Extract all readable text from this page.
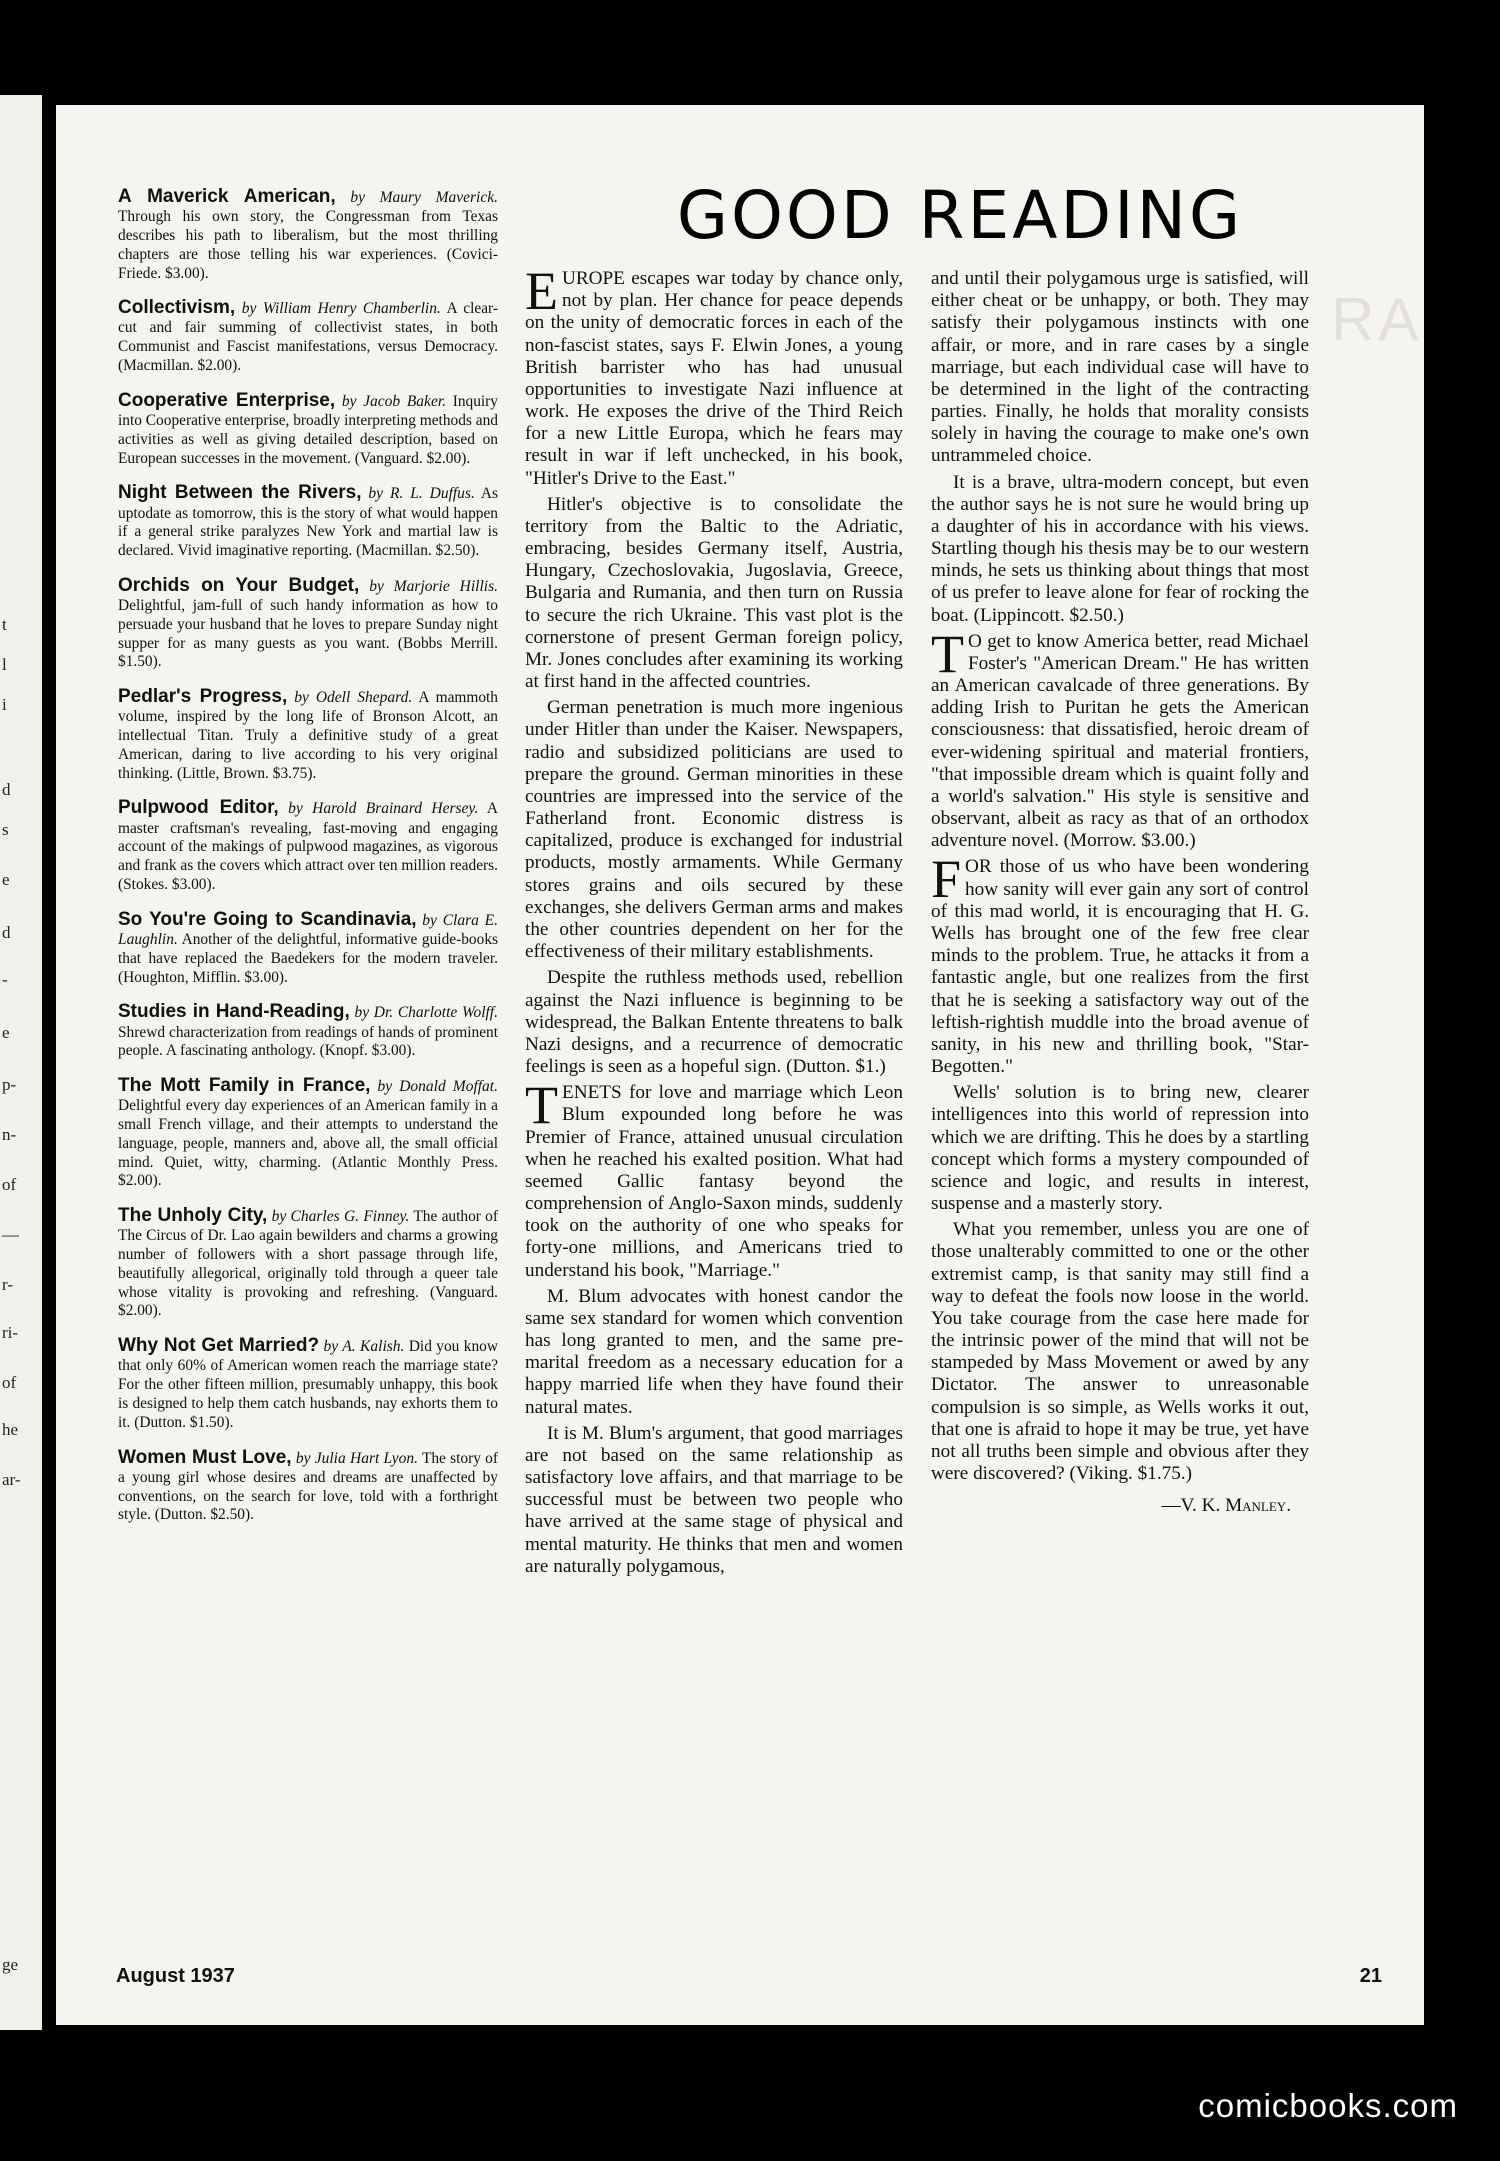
t
l
i
d
s
e
d
-
e
p-
n-
of
—
r-
ri-
of
he
ar-
ge
RA
A Maverick American, by Maury Maverick. Through his own story, the Congressman from Texas describes his path to liberalism, but the most thrilling chapters are those telling his war experiences. (Covici-Friede. $3.00).
Collectivism, by William Henry Chamberlin. A clear-cut and fair summing of collectivist states, in both Communist and Fascist manifestations, versus Democracy. (Macmillan. $2.00).
Cooperative Enterprise, by Jacob Baker. Inquiry into Cooperative enterprise, broadly interpreting methods and activities as well as giving detailed description, based on European successes in the movement. (Vanguard. $2.00).
Night Between the Rivers, by R. L. Duffus. As uptodate as tomorrow, this is the story of what would happen if a general strike paralyzes New York and martial law is declared. Vivid imaginative reporting. (Macmillan. $2.50).
Orchids on Your Budget, by Marjorie Hillis. Delightful, jam-full of such handy information as how to persuade your husband that he loves to prepare Sunday night supper for as many guests as you want. (Bobbs Merrill. $1.50).
Pedlar's Progress, by Odell Shepard. A mammoth volume, inspired by the long life of Bronson Alcott, an intellectual Titan. Truly a definitive study of a great American, daring to live according to his very original thinking. (Little, Brown. $3.75).
Pulpwood Editor, by Harold Brainard Hersey. A master craftsman's revealing, fast-moving and engaging account of the makings of pulpwood magazines, as vigorous and frank as the covers which attract over ten million readers. (Stokes. $3.00).
So You're Going to Scandinavia, by Clara E. Laughlin. Another of the delightful, informative guide-books that have replaced the Baedekers for the modern traveler. (Houghton, Mifflin. $3.00).
Studies in Hand-Reading, by Dr. Charlotte Wolff. Shrewd characterization from readings of hands of prominent people. A fascinating anthology. (Knopf. $3.00).
The Mott Family in France, by Donald Moffat. Delightful every day experiences of an American family in a small French village, and their attempts to understand the language, people, manners and, above all, the small official mind. Quiet, witty, charming. (Atlantic Monthly Press. $2.00).
The Unholy City, by Charles G. Finney. The author of The Circus of Dr. Lao again bewilders and charms a growing number of followers with a short passage through life, beautifully allegorical, originally told through a queer tale whose vitality is provoking and refreshing. (Vanguard. $2.00).
Why Not Get Married? by A. Kalish. Did you know that only 60% of American women reach the marriage state? For the other fifteen million, presumably unhappy, this book is designed to help them catch husbands, nay exhorts them to it. (Dutton. $1.50).
Women Must Love, by Julia Hart Lyon. The story of a young girl whose desires and dreams are unaffected by conventions, on the search for love, told with a forthright style. (Dutton. $2.50).
GOOD READING

EUROPE escapes war today by chance only, not by plan. Her chance for peace depends on the unity of democratic forces in each of the non-fascist states, says F. Elwin Jones, a young British barrister who has had unusual opportunities to investigate Nazi influence at work. He exposes the drive of the Third Reich for a new Little Europa, which he fears may result in war if left unchecked, in his book, "Hitler's Drive to the East."

Hitler's objective is to consolidate the territory from the Baltic to the Adriatic, embracing, besides Germany itself, Austria, Hungary, Czechoslovakia, Jugoslavia, Greece, Bulgaria and Rumania, and then turn on Russia to secure the rich Ukraine. This vast plot is the cornerstone of present German foreign policy, Mr. Jones concludes after examining its working at first hand in the affected countries.

German penetration is much more ingenious under Hitler than under the Kaiser. Newspapers, radio and subsidized politicians are used to prepare the ground. German minorities in these countries are impressed into the service of the Fatherland front. Economic distress is capitalized, produce is exchanged for industrial products, mostly armaments. While Germany stores grains and oils secured by these exchanges, she delivers German arms and makes the other countries dependent on her for the effectiveness of their military establishments.

Despite the ruthless methods used, rebellion against the Nazi influence is beginning to be widespread, the Balkan Entente threatens to balk Nazi designs, and a recurrence of democratic feelings is seen as a hopeful sign. (Dutton. $1.)

TENETS for love and marriage which Leon Blum expounded long before he was Premier of France, attained unusual circulation when he reached his exalted position. What had seemed Gallic fantasy beyond the comprehension of Anglo-Saxon minds, suddenly took on the authority of one who speaks for forty-one millions, and Americans tried to understand his book, "Marriage."

M. Blum advocates with honest candor the same sex standard for women which convention has long granted to men, and the same pre-marital freedom as a necessary education for a happy married life when they have found their natural mates.

It is M. Blum's argument, that good marriages are not based on the same relationship as satisfactory love affairs, and that marriage to be successful must be between two people who have arrived at the same stage of physical and mental maturity. He thinks that men and women are naturally polygamous,

and until their polygamous urge is satisfied, will either cheat or be unhappy, or both. They may satisfy their polygamous instincts with one affair, or more, and in rare cases by a single marriage, but each individual case will have to be determined in the light of the contracting parties. Finally, he holds that morality consists solely in having the courage to make one's own untrammeled choice.

It is a brave, ultra-modern concept, but even the author says he is not sure he would bring up a daughter of his in accordance with his views. Startling though his thesis may be to our western minds, he sets us thinking about things that most of us prefer to leave alone for fear of rocking the boat. (Lippincott. $2.50.)

T O get to know America better, read Michael Foster's "American Dream." He has written an American cavalcade of three generations. By adding Irish to Puritan he gets the American consciousness: that dissatisfied, heroic dream of ever-widening spiritual and material frontiers, "that impossible dream which is quaint folly and a world's salvation." His style is sensitive and observant, albeit as racy as that of an orthodox adventure novel. (Morrow. $3.00.)

FOR those of us who have been wondering how sanity will ever gain any sort of control of this mad world, it is encouraging that H. G. Wells has brought one of the few free clear minds to the problem. True, he attacks it from a fantastic angle, but one realizes from the first that he is seeking a satisfactory way out of the leftish-rightish muddle into the broad avenue of sanity, in his new and thrilling book, "Star-Begotten."

Wells' solution is to bring new, clearer intelligences into this world of repression into which we are drifting. This he does by a startling concept which forms a mystery compounded of science and logic, and results in interest, suspense and a masterly story.

What you remember, unless you are one of those unalterably committed to one or the other extremist camp, is that sanity may still find a way to defeat the fools now loose in the world. You take courage from the case here made for the intrinsic power of the mind that will not be stampeded by Mass Movement or awed by any Dictator. The answer to unreasonable compulsion is so simple, as Wells works it out, that one is afraid to hope it may be true, yet have not all truths been simple and obvious after they were discovered? (Viking. $1.75.)

—V. K. Manley.
August 1937	21
comicbooks.com
